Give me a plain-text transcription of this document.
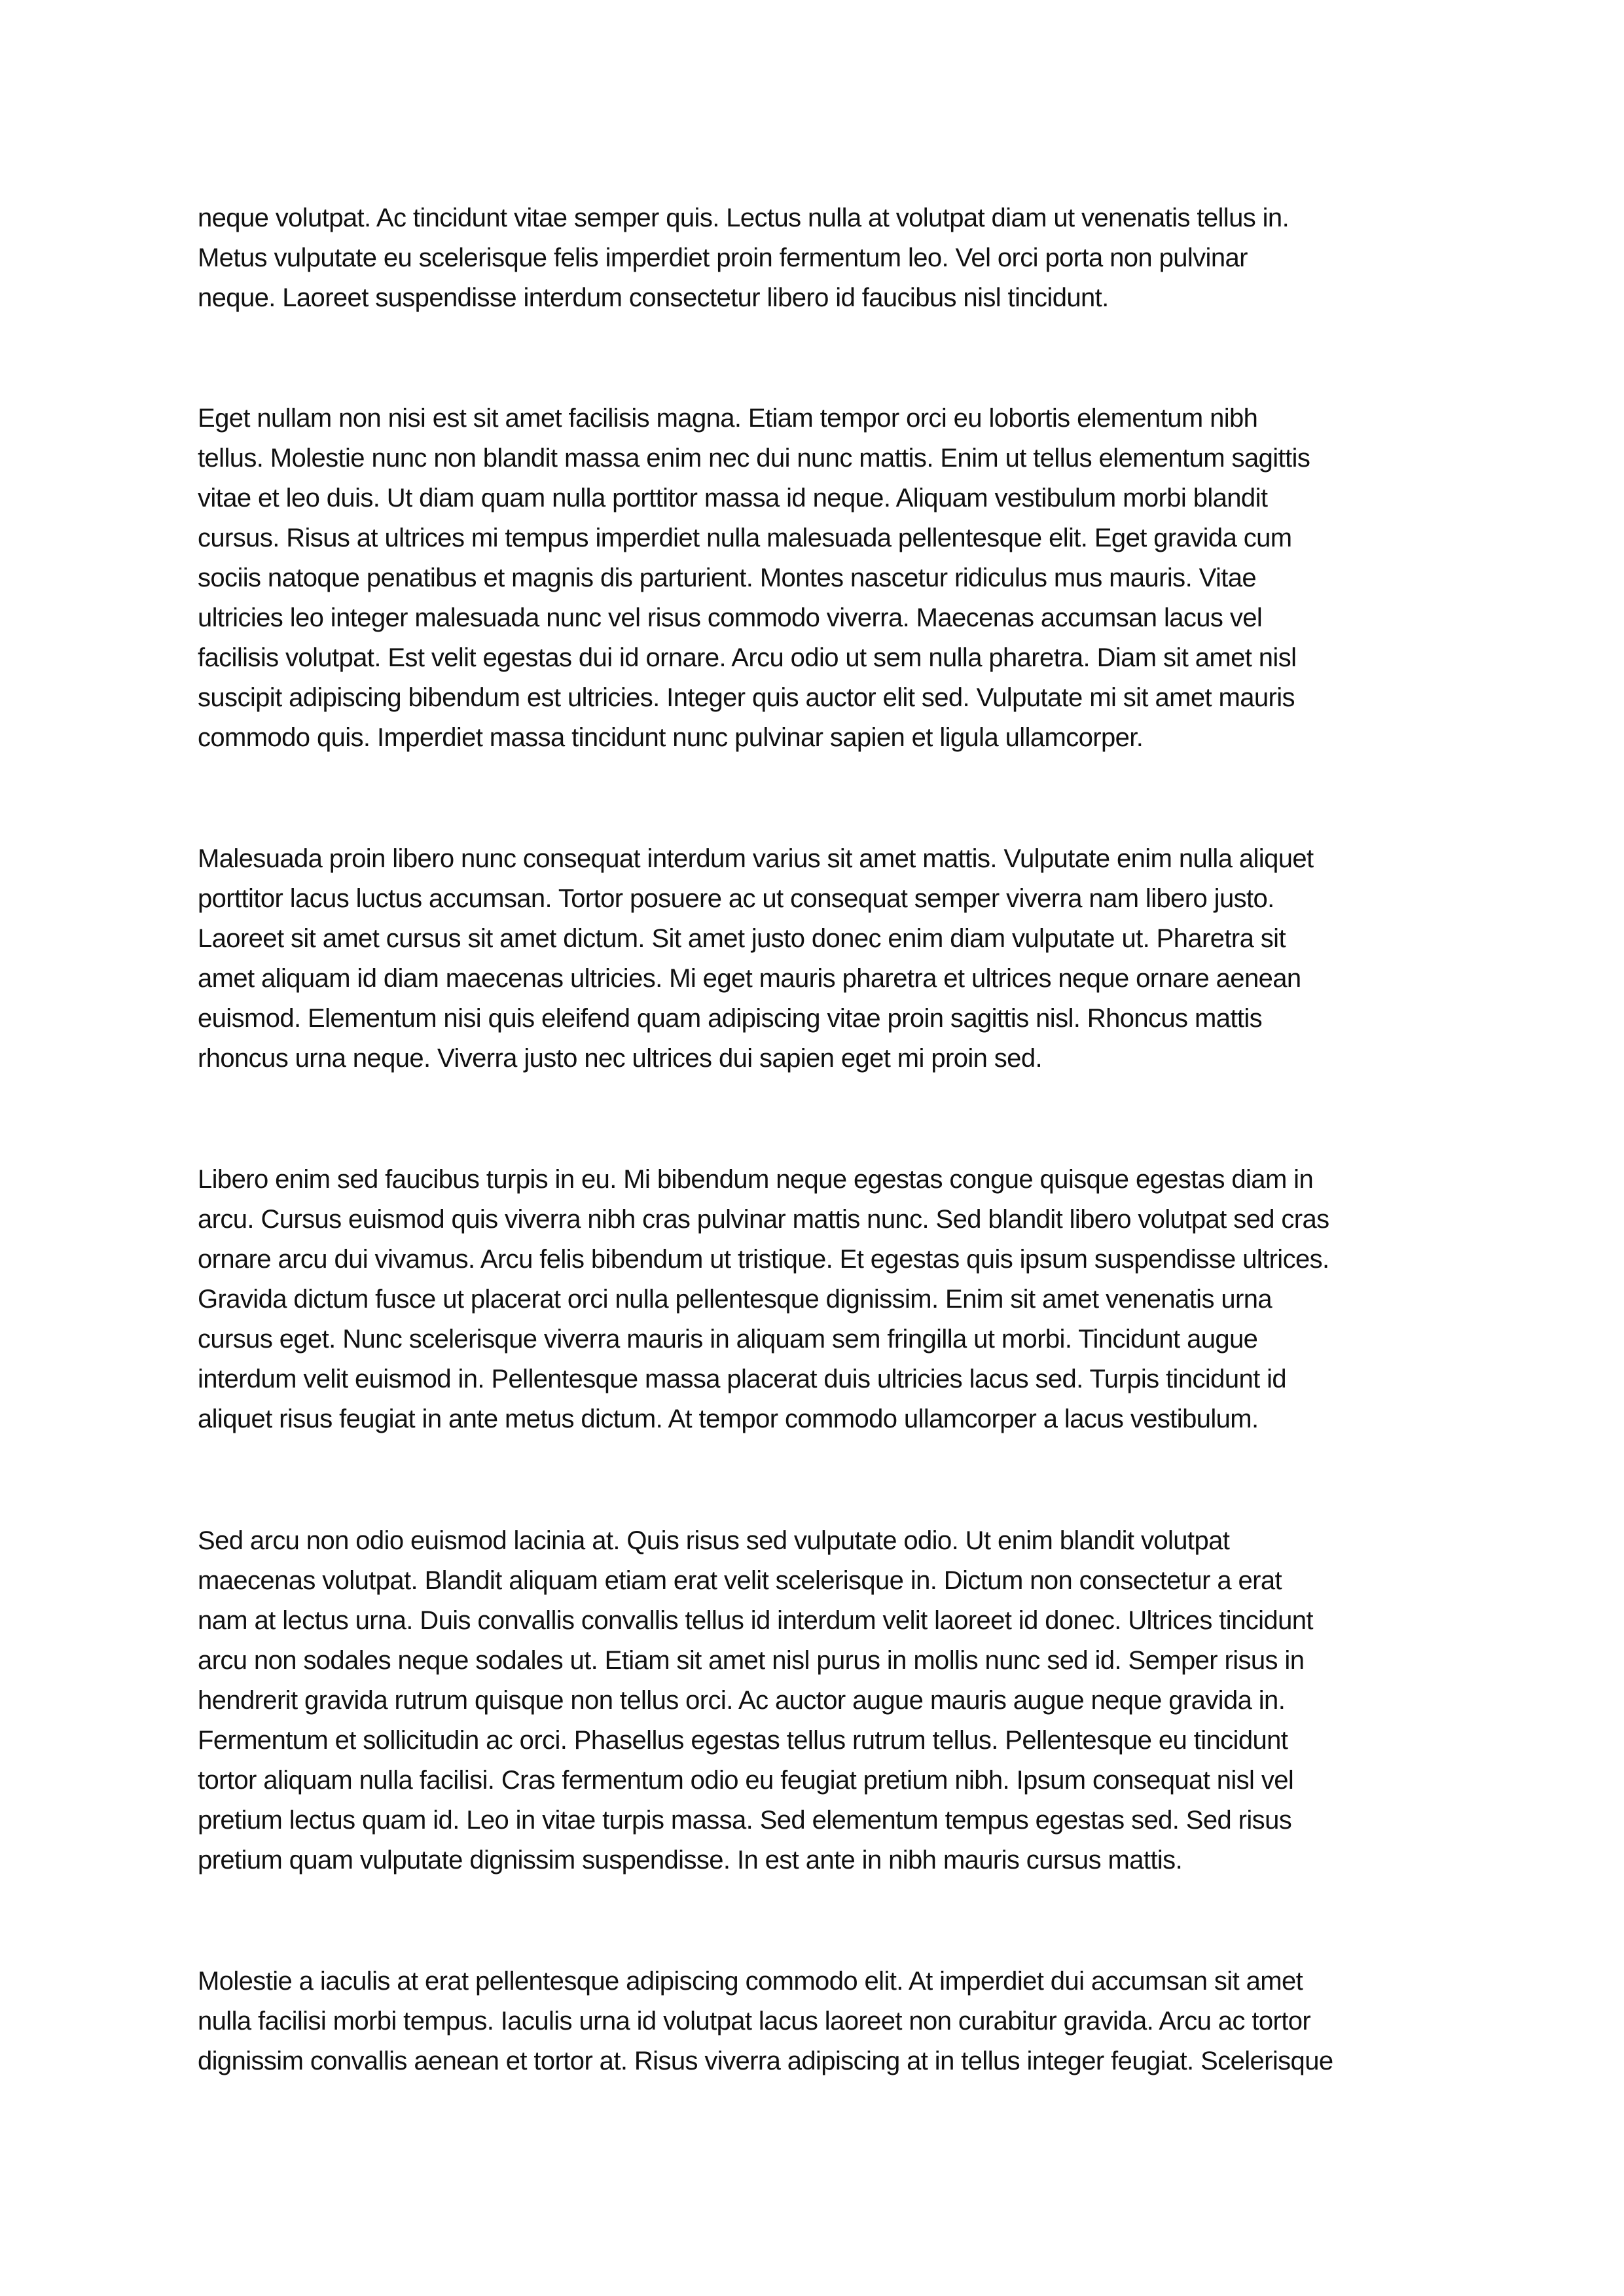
neque volutpat. Ac tincidunt vitae semper quis. Lectus nulla at volutpat diam ut venenatis tellus in.
Metus vulputate eu scelerisque felis imperdiet proin fermentum leo. Vel orci porta non pulvinar
neque. Laoreet suspendisse interdum consectetur libero id faucibus nisl tincidunt.
Eget nullam non nisi est sit amet facilisis magna. Etiam tempor orci eu lobortis elementum nibh
tellus. Molestie nunc non blandit massa enim nec dui nunc mattis. Enim ut tellus elementum sagittis
vitae et leo duis. Ut diam quam nulla porttitor massa id neque. Aliquam vestibulum morbi blandit
cursus. Risus at ultrices mi tempus imperdiet nulla malesuada pellentesque elit. Eget gravida cum
sociis natoque penatibus et magnis dis parturient. Montes nascetur ridiculus mus mauris. Vitae
ultricies leo integer malesuada nunc vel risus commodo viverra. Maecenas accumsan lacus vel
facilisis volutpat. Est velit egestas dui id ornare. Arcu odio ut sem nulla pharetra. Diam sit amet nisl
suscipit adipiscing bibendum est ultricies. Integer quis auctor elit sed. Vulputate mi sit amet mauris
commodo quis. Imperdiet massa tincidunt nunc pulvinar sapien et ligula ullamcorper.
Malesuada proin libero nunc consequat interdum varius sit amet mattis. Vulputate enim nulla aliquet
porttitor lacus luctus accumsan. Tortor posuere ac ut consequat semper viverra nam libero justo.
Laoreet sit amet cursus sit amet dictum. Sit amet justo donec enim diam vulputate ut. Pharetra sit
amet aliquam id diam maecenas ultricies. Mi eget mauris pharetra et ultrices neque ornare aenean
euismod. Elementum nisi quis eleifend quam adipiscing vitae proin sagittis nisl. Rhoncus mattis
rhoncus urna neque. Viverra justo nec ultrices dui sapien eget mi proin sed.
Libero enim sed faucibus turpis in eu. Mi bibendum neque egestas congue quisque egestas diam in
arcu. Cursus euismod quis viverra nibh cras pulvinar mattis nunc. Sed blandit libero volutpat sed cras
ornare arcu dui vivamus. Arcu felis bibendum ut tristique. Et egestas quis ipsum suspendisse ultrices.
Gravida dictum fusce ut placerat orci nulla pellentesque dignissim. Enim sit amet venenatis urna
cursus eget. Nunc scelerisque viverra mauris in aliquam sem fringilla ut morbi. Tincidunt augue
interdum velit euismod in. Pellentesque massa placerat duis ultricies lacus sed. Turpis tincidunt id
aliquet risus feugiat in ante metus dictum. At tempor commodo ullamcorper a lacus vestibulum.
Sed arcu non odio euismod lacinia at. Quis risus sed vulputate odio. Ut enim blandit volutpat
maecenas volutpat. Blandit aliquam etiam erat velit scelerisque in. Dictum non consectetur a erat
nam at lectus urna. Duis convallis convallis tellus id interdum velit laoreet id donec. Ultrices tincidunt
arcu non sodales neque sodales ut. Etiam sit amet nisl purus in mollis nunc sed id. Semper risus in
hendrerit gravida rutrum quisque non tellus orci. Ac auctor augue mauris augue neque gravida in.
Fermentum et sollicitudin ac orci. Phasellus egestas tellus rutrum tellus. Pellentesque eu tincidunt
tortor aliquam nulla facilisi. Cras fermentum odio eu feugiat pretium nibh. Ipsum consequat nisl vel
pretium lectus quam id. Leo in vitae turpis massa. Sed elementum tempus egestas sed. Sed risus
pretium quam vulputate dignissim suspendisse. In est ante in nibh mauris cursus mattis.
Molestie a iaculis at erat pellentesque adipiscing commodo elit. At imperdiet dui accumsan sit amet
nulla facilisi morbi tempus. Iaculis urna id volutpat lacus laoreet non curabitur gravida. Arcu ac tortor
dignissim convallis aenean et tortor at. Risus viverra adipiscing at in tellus integer feugiat. Scelerisque
